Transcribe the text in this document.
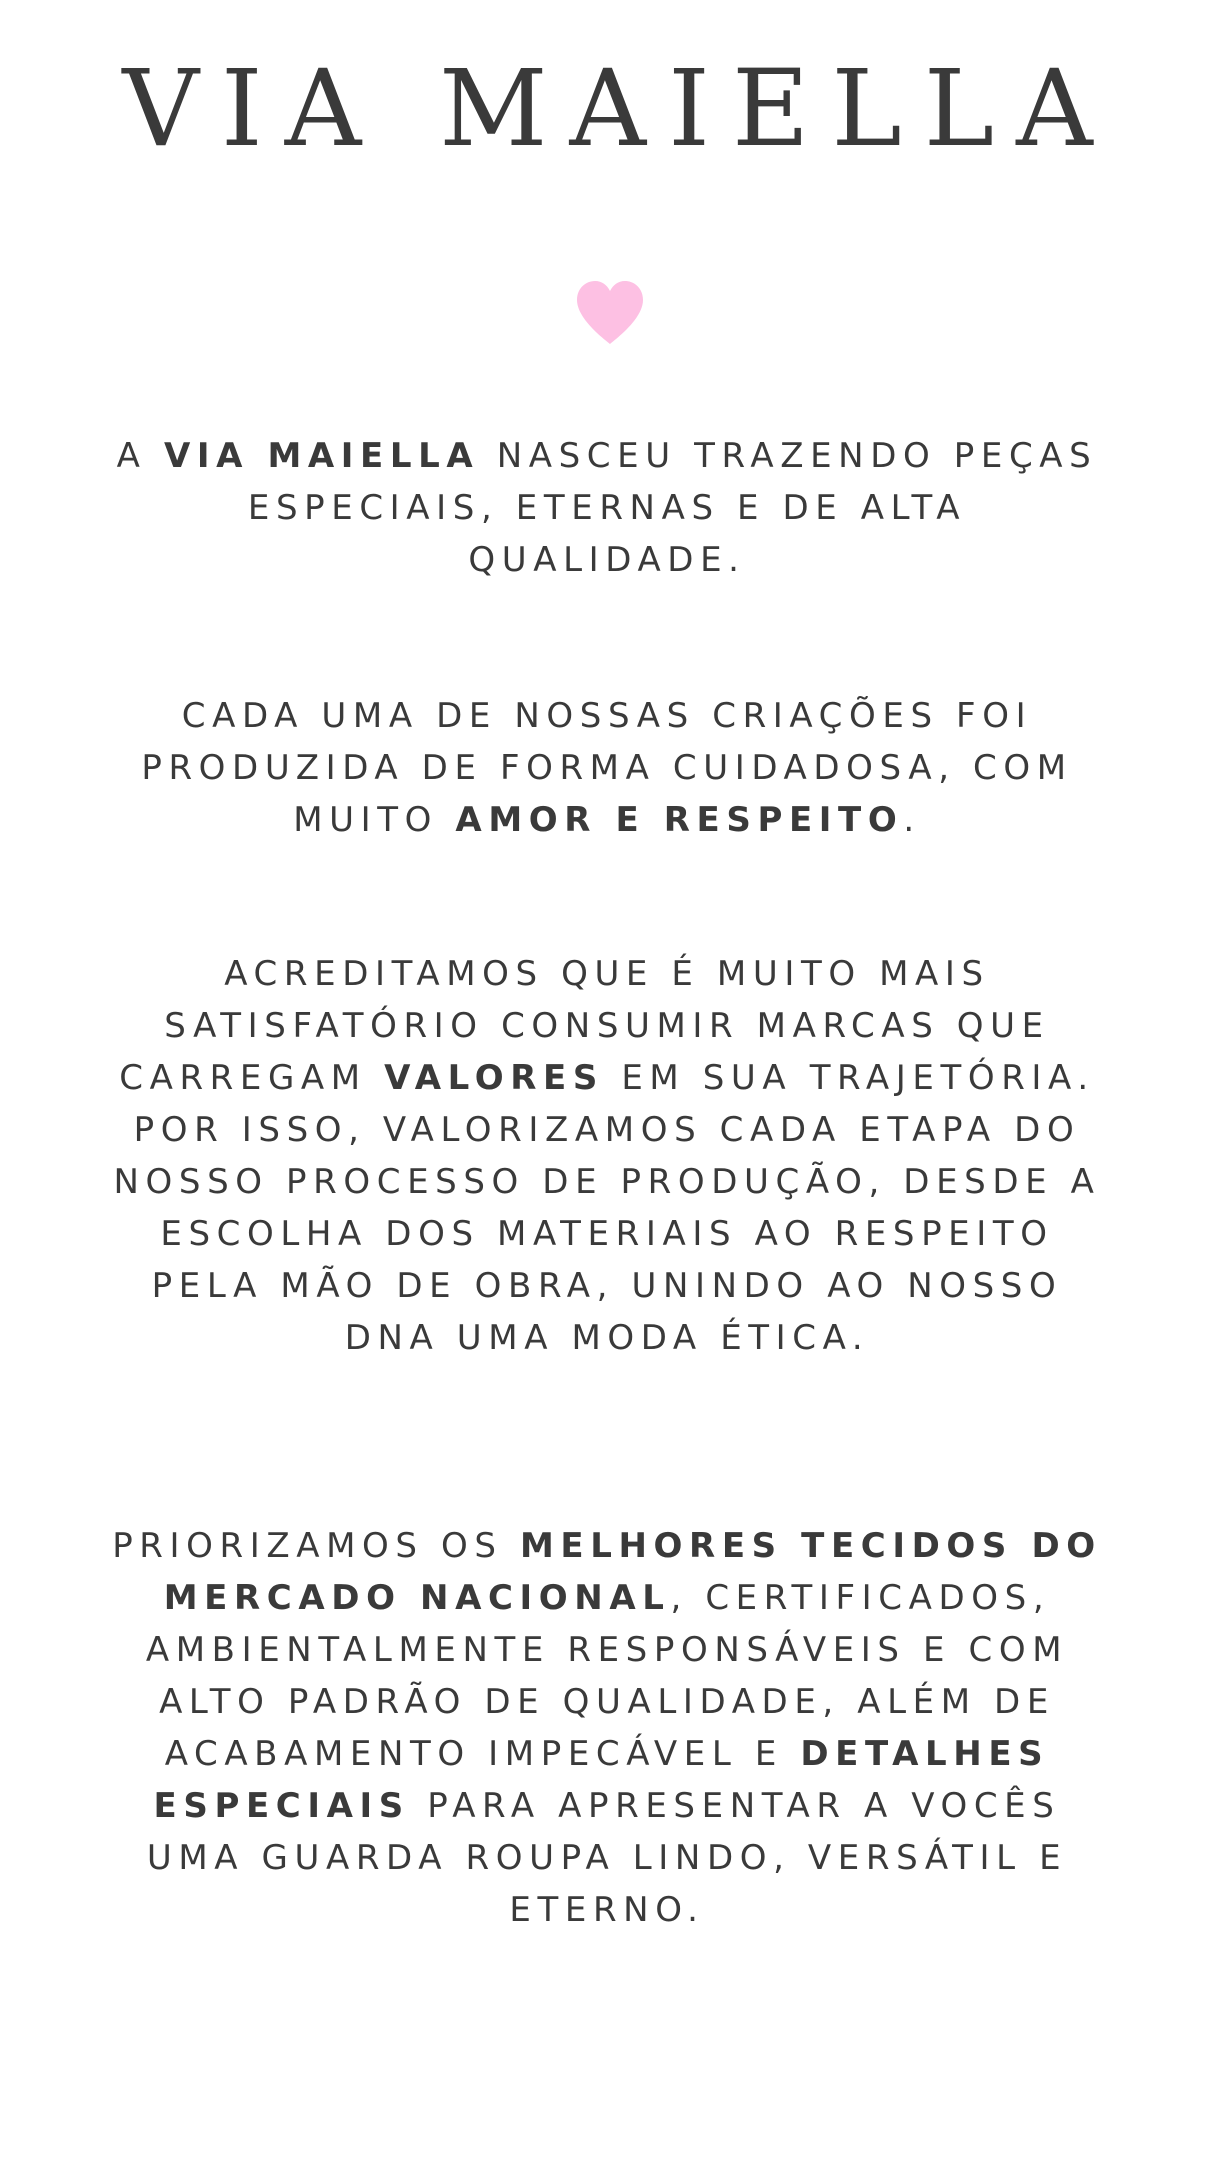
VIA MAIELLA

A VIA MAIELLA NASCEU TRAZENDO PEÇAS ESPECIAIS, ETERNAS E DE ALTA QUALIDADE.

CADA UMA DE NOSSAS CRIAÇÕES FOI PRODUZIDA DE FORMA CUIDADOSA, COM MUITO AMOR E RESPEITO.

ACREDITAMOS QUE É MUITO MAIS SATISFATÓRIO CONSUMIR MARCAS QUE CARREGAM VALORES EM SUA TRAJETÓRIA. POR ISSO, VALORIZAMOS CADA ETAPA DO NOSSO PROCESSO DE PRODUÇÃO, DESDE A ESCOLHA DOS MATERIAIS AO RESPEITO PELA MÃO DE OBRA, UNINDO AO NOSSO DNA UMA MODA ÉTICA.

PRIORIZAMOS OS MELHORES TECIDOS DO MERCADO NACIONAL, CERTIFICADOS, AMBIENTALMENTE RESPONSÁVEIS E COM ALTO PADRÃO DE QUALIDADE, ALÉM DE ACABAMENTO IMPECÁVEL E DETALHES ESPECIAIS PARA APRESENTAR A VOCÊS UMA GUARDA ROUPA LINDO, VERSÁTIL E ETERNO.
